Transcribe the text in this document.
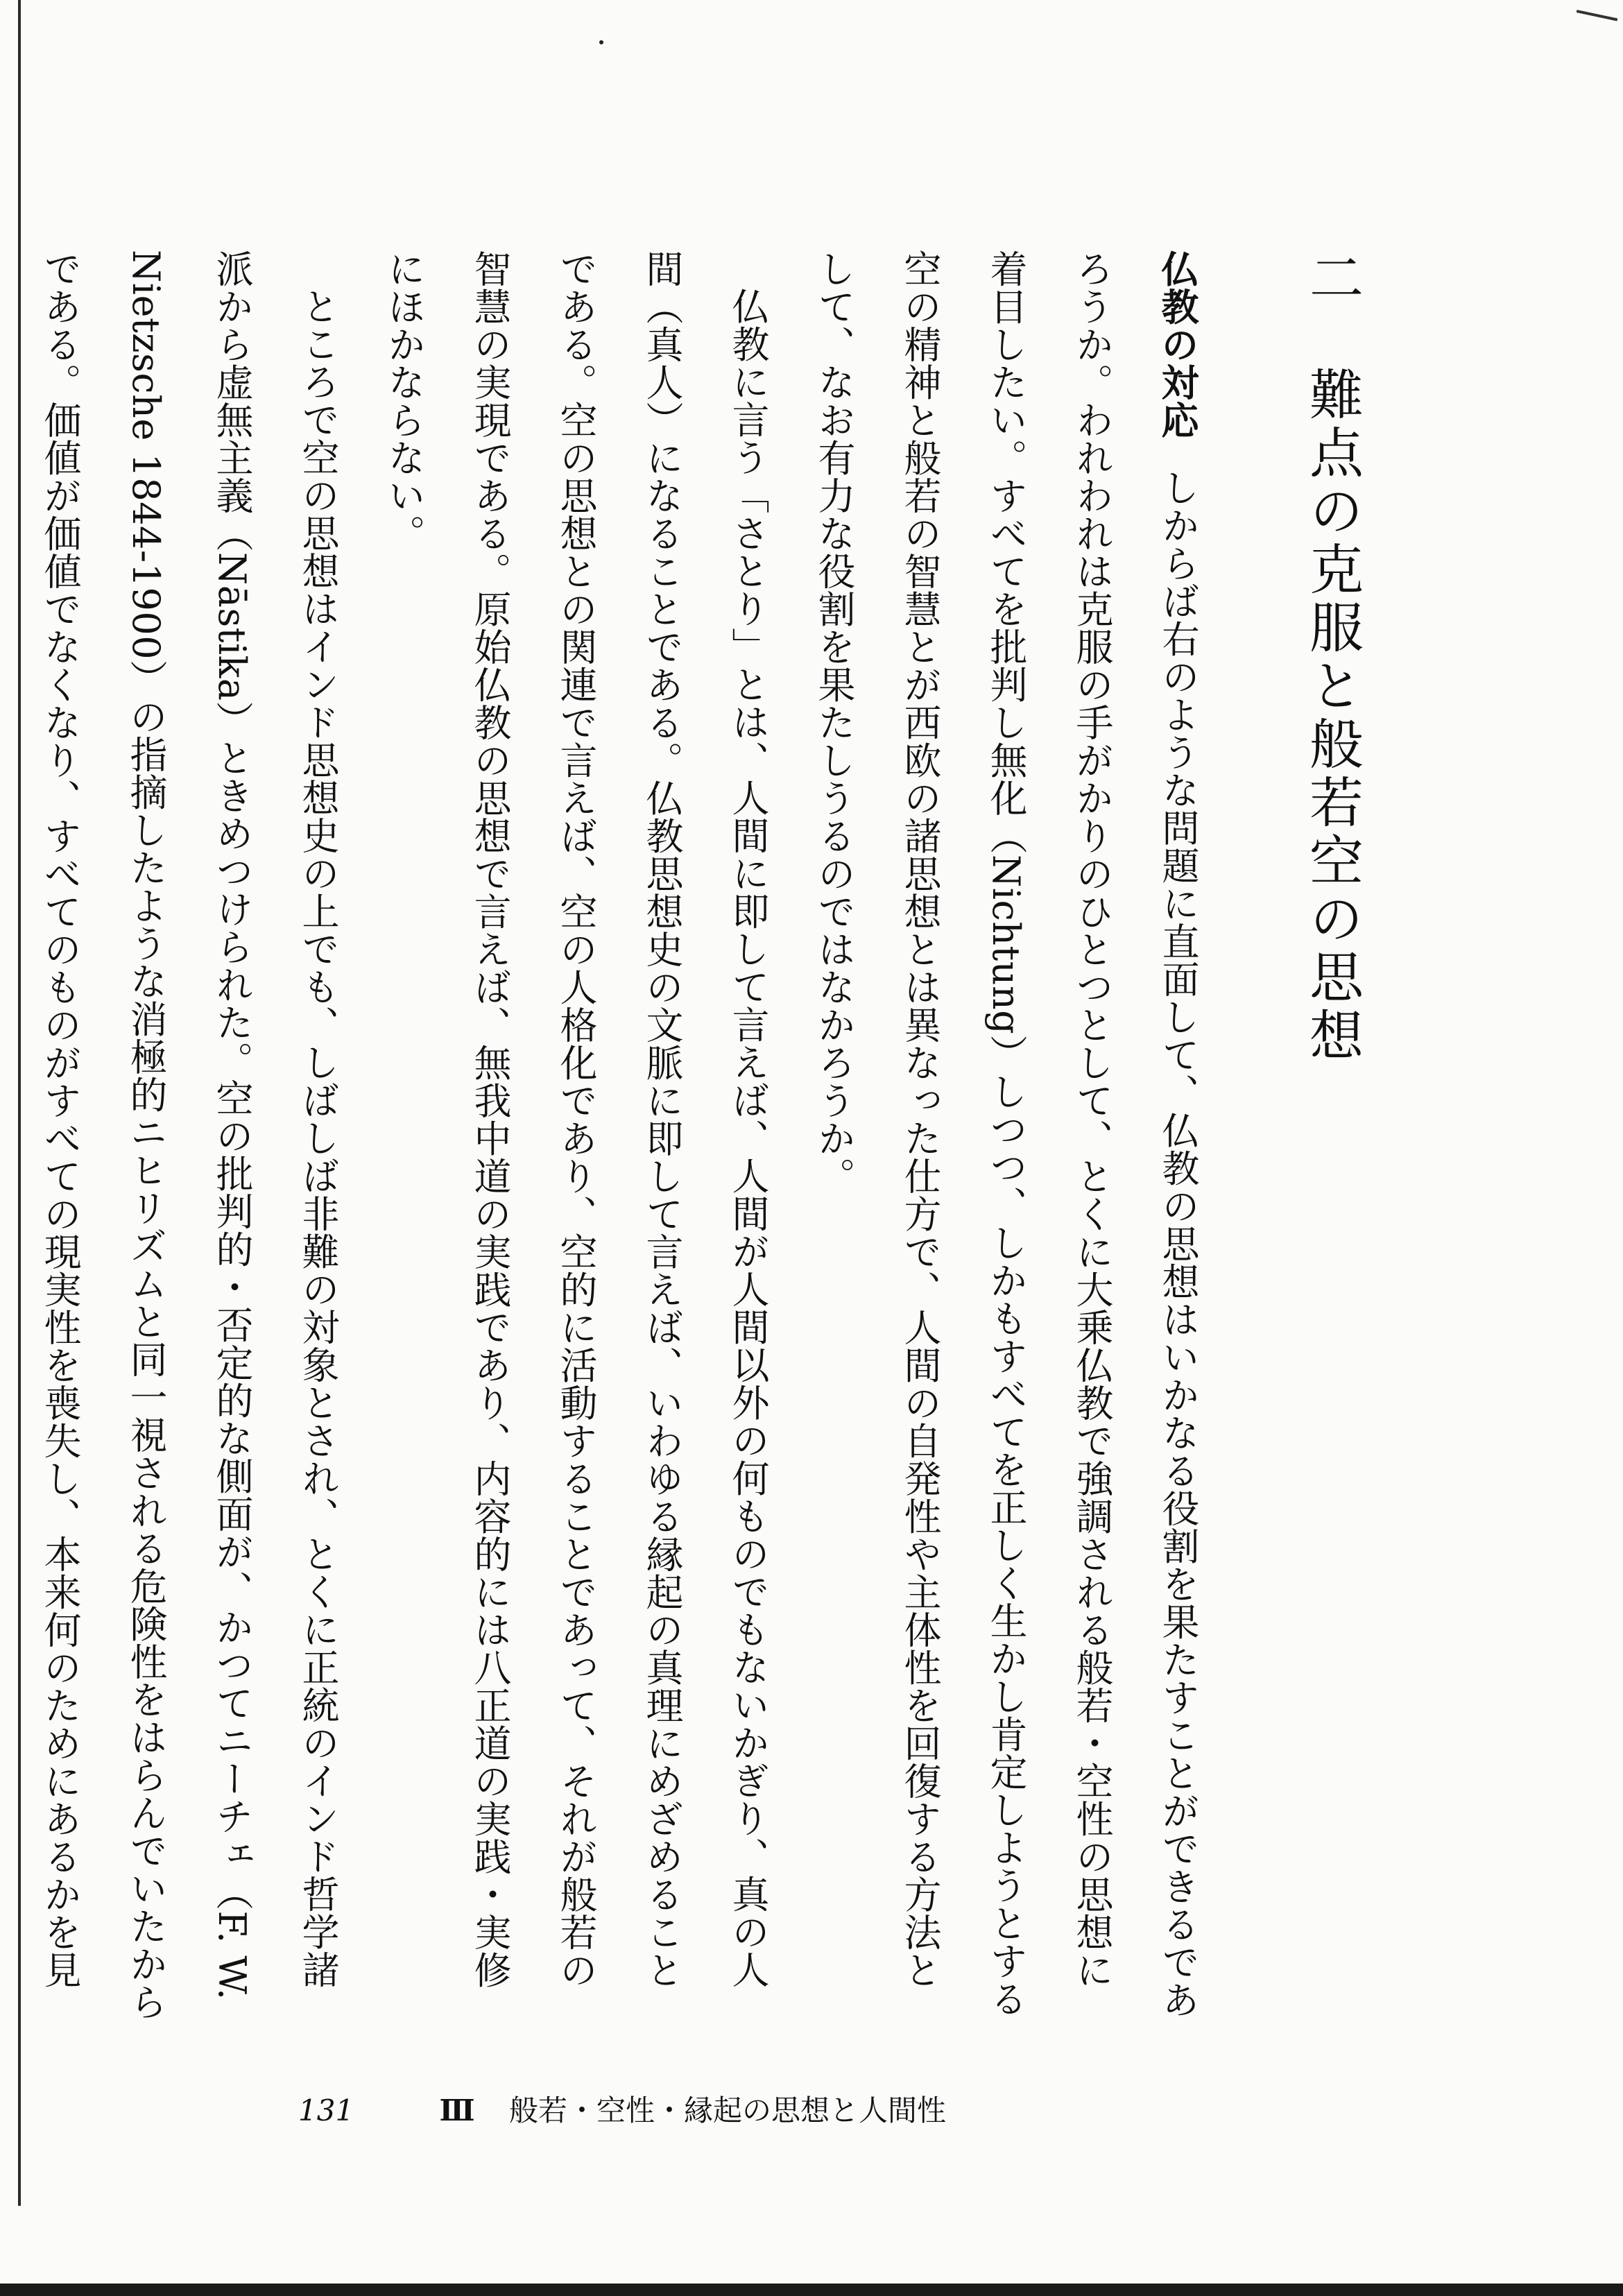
二　難点の克服と般若空の思想

仏教の対応しからば右のような問題に直面して、仏教の思想はいかなる役割を果たすことができるであろうか。われわれは克服の手がかりのひとつとして、とくに大乗仏教で強調される般若・空性の思想に着目したい。すべてを批判し無化（Nichtung）しつつ、しかもすべてを正しく生かし肯定しようとする空の精神と般若の智慧とが西欧の諸思想とは異なった仕方で、人間の自発性や主体性を回復する方法として、なお有力な役割を果たしうるのではなかろうか。

仏教に言う「さとり」とは、人間に即して言えば、人間が人間以外の何ものでもないかぎり、真の人間（真人）になることである。仏教思想史の文脈に即して言えば、いわゆる縁起の真理にめざめることである。空の思想との関連で言えば、空の人格化であり、空的に活動することであって、それが般若の智慧の実現である。原始仏教の思想で言えば、無我中道の実践であり、内容的には八正道の実践・実修にほかならない。

ところで空の思想はインド思想史の上でも、しばしば非難の対象とされ、とくに正統のインド哲学諸派から虚無主義（Nāstika）ときめつけられた。空の批判的・否定的な側面が、かつてニーチェ（F. W. Nietzsche 1844-1900）の指摘したような消極的ニヒリズムと同一視される危険性をはらんでいたからである。価値が価値でなくなり、すべてのものがすべての現実性を喪失し、本来何のためにあるかを見

131	Ⅲ 般若・空性・縁起の思想と人間性
